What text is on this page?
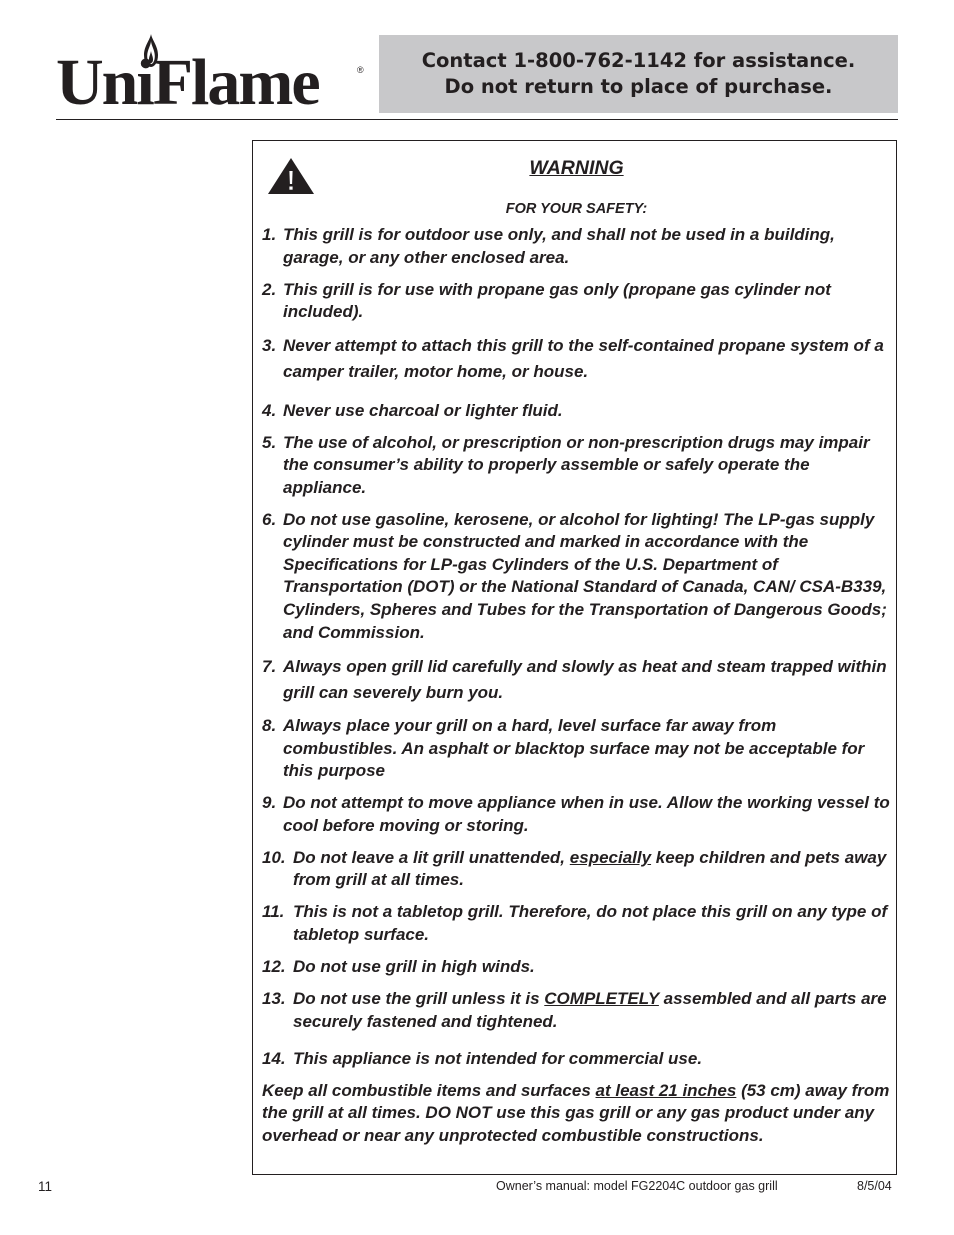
UniFlame	®	Contact 1-800-762-1142 for assistance.
Do not return to place of purchase.
WARNING
FOR YOUR SAFETY:
1. This grill is for outdoor use only, and shall not be used in a building, garage, or any other enclosed area.
2. This grill is for use with propane gas only (propane gas cylinder not included).
3. Never attempt to attach this grill to the self-contained propane system of a camper trailer, motor home, or house.
4. Never use charcoal or lighter fluid.
5. The use of alcohol, or prescription or non-prescription drugs may impair the consumer’s ability to properly assemble or safely operate the appliance.
6. Do not use gasoline, kerosene, or alcohol for lighting! The LP-gas supply cylinder must be constructed and marked in accordance with the Specifications for LP-gas Cylinders of the U.S. Department of Transportation (DOT) or the National Standard of Canada, CAN/ CSA-B339, Cylinders, Spheres and Tubes for the Transportation of Dangerous Goods; and Commission.
7. Always open grill lid carefully and slowly as heat and steam trapped within grill can severely burn you.
8. Always place your grill on a hard, level surface far away from combustibles. An asphalt or blacktop surface may not be acceptable for this purpose
9. Do not attempt to move appliance when in use. Allow the working vessel to cool before moving or storing.
10. Do not leave a lit grill unattended, especially keep children and pets away from grill at all times.
11. This is not a tabletop grill. Therefore, do not place this grill on any type of tabletop surface.
12. Do not use grill in high winds.
13. Do not use the grill unless it is COMPLETELY assembled and all parts are securely fastened and tightened.
14. This appliance is not intended for commercial use.
Keep all combustible items and surfaces at least 21 inches (53 cm) away from the grill at all times. DO NOT use this gas grill or any gas product under any overhead or near any unprotected combustible constructions.
11	Owner’s manual: model FG2204C outdoor gas grill	8/5/04
